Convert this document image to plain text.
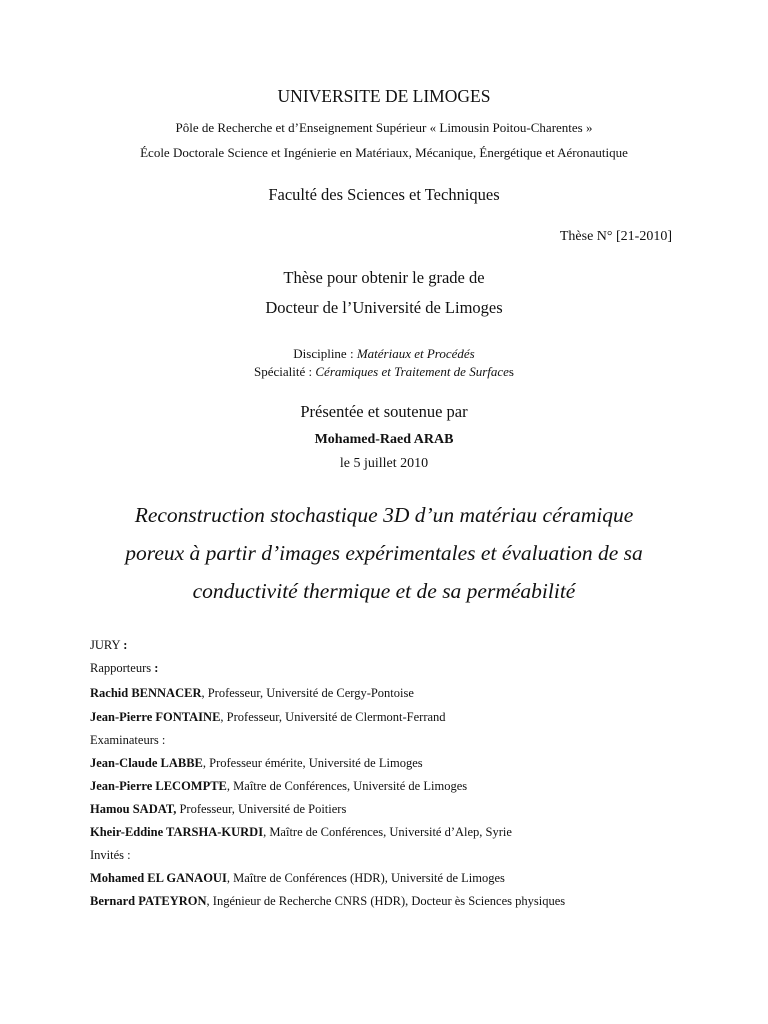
UNIVERSITE DE LIMOGES
Pôle de Recherche et d’Enseignement Supérieur « Limousin Poitou-Charentes »
École Doctorale Science et Ingénierie en Matériaux, Mécanique, Énergétique et Aéronautique
Faculté des Sciences et Techniques
Thèse N° [21-2010]
Thèse pour obtenir le grade de
Docteur de l’Université de Limoges
Discipline : Matériaux et Procédés
Spécialité : Céramiques et Traitement de Surfaces
Présentée et soutenue par
Mohamed-Raed ARAB
le 5 juillet 2010
Reconstruction stochastique 3D d’un matériau céramique
poreux à partir d’images expérimentales et évaluation de sa
conductivité thermique et de sa perméabilité
JURY :
Rapporteurs :
Rachid BENNACER, Professeur, Université de Cergy-Pontoise
Jean-Pierre FONTAINE, Professeur, Université de Clermont-Ferrand
Examinateurs :
Jean-Claude LABBE, Professeur émérite, Université de Limoges
Jean-Pierre LECOMPTE, Maître de Conférences, Université de Limoges
Hamou SADAT, Professeur, Université de Poitiers
Kheir-Eddine TARSHA-KURDI, Maître de Conférences, Université d’Alep, Syrie
Invités :
Mohamed EL GANAOUI, Maître de Conférences (HDR), Université de Limoges
Bernard PATEYRON, Ingénieur de Recherche CNRS (HDR), Docteur ès Sciences physiques
